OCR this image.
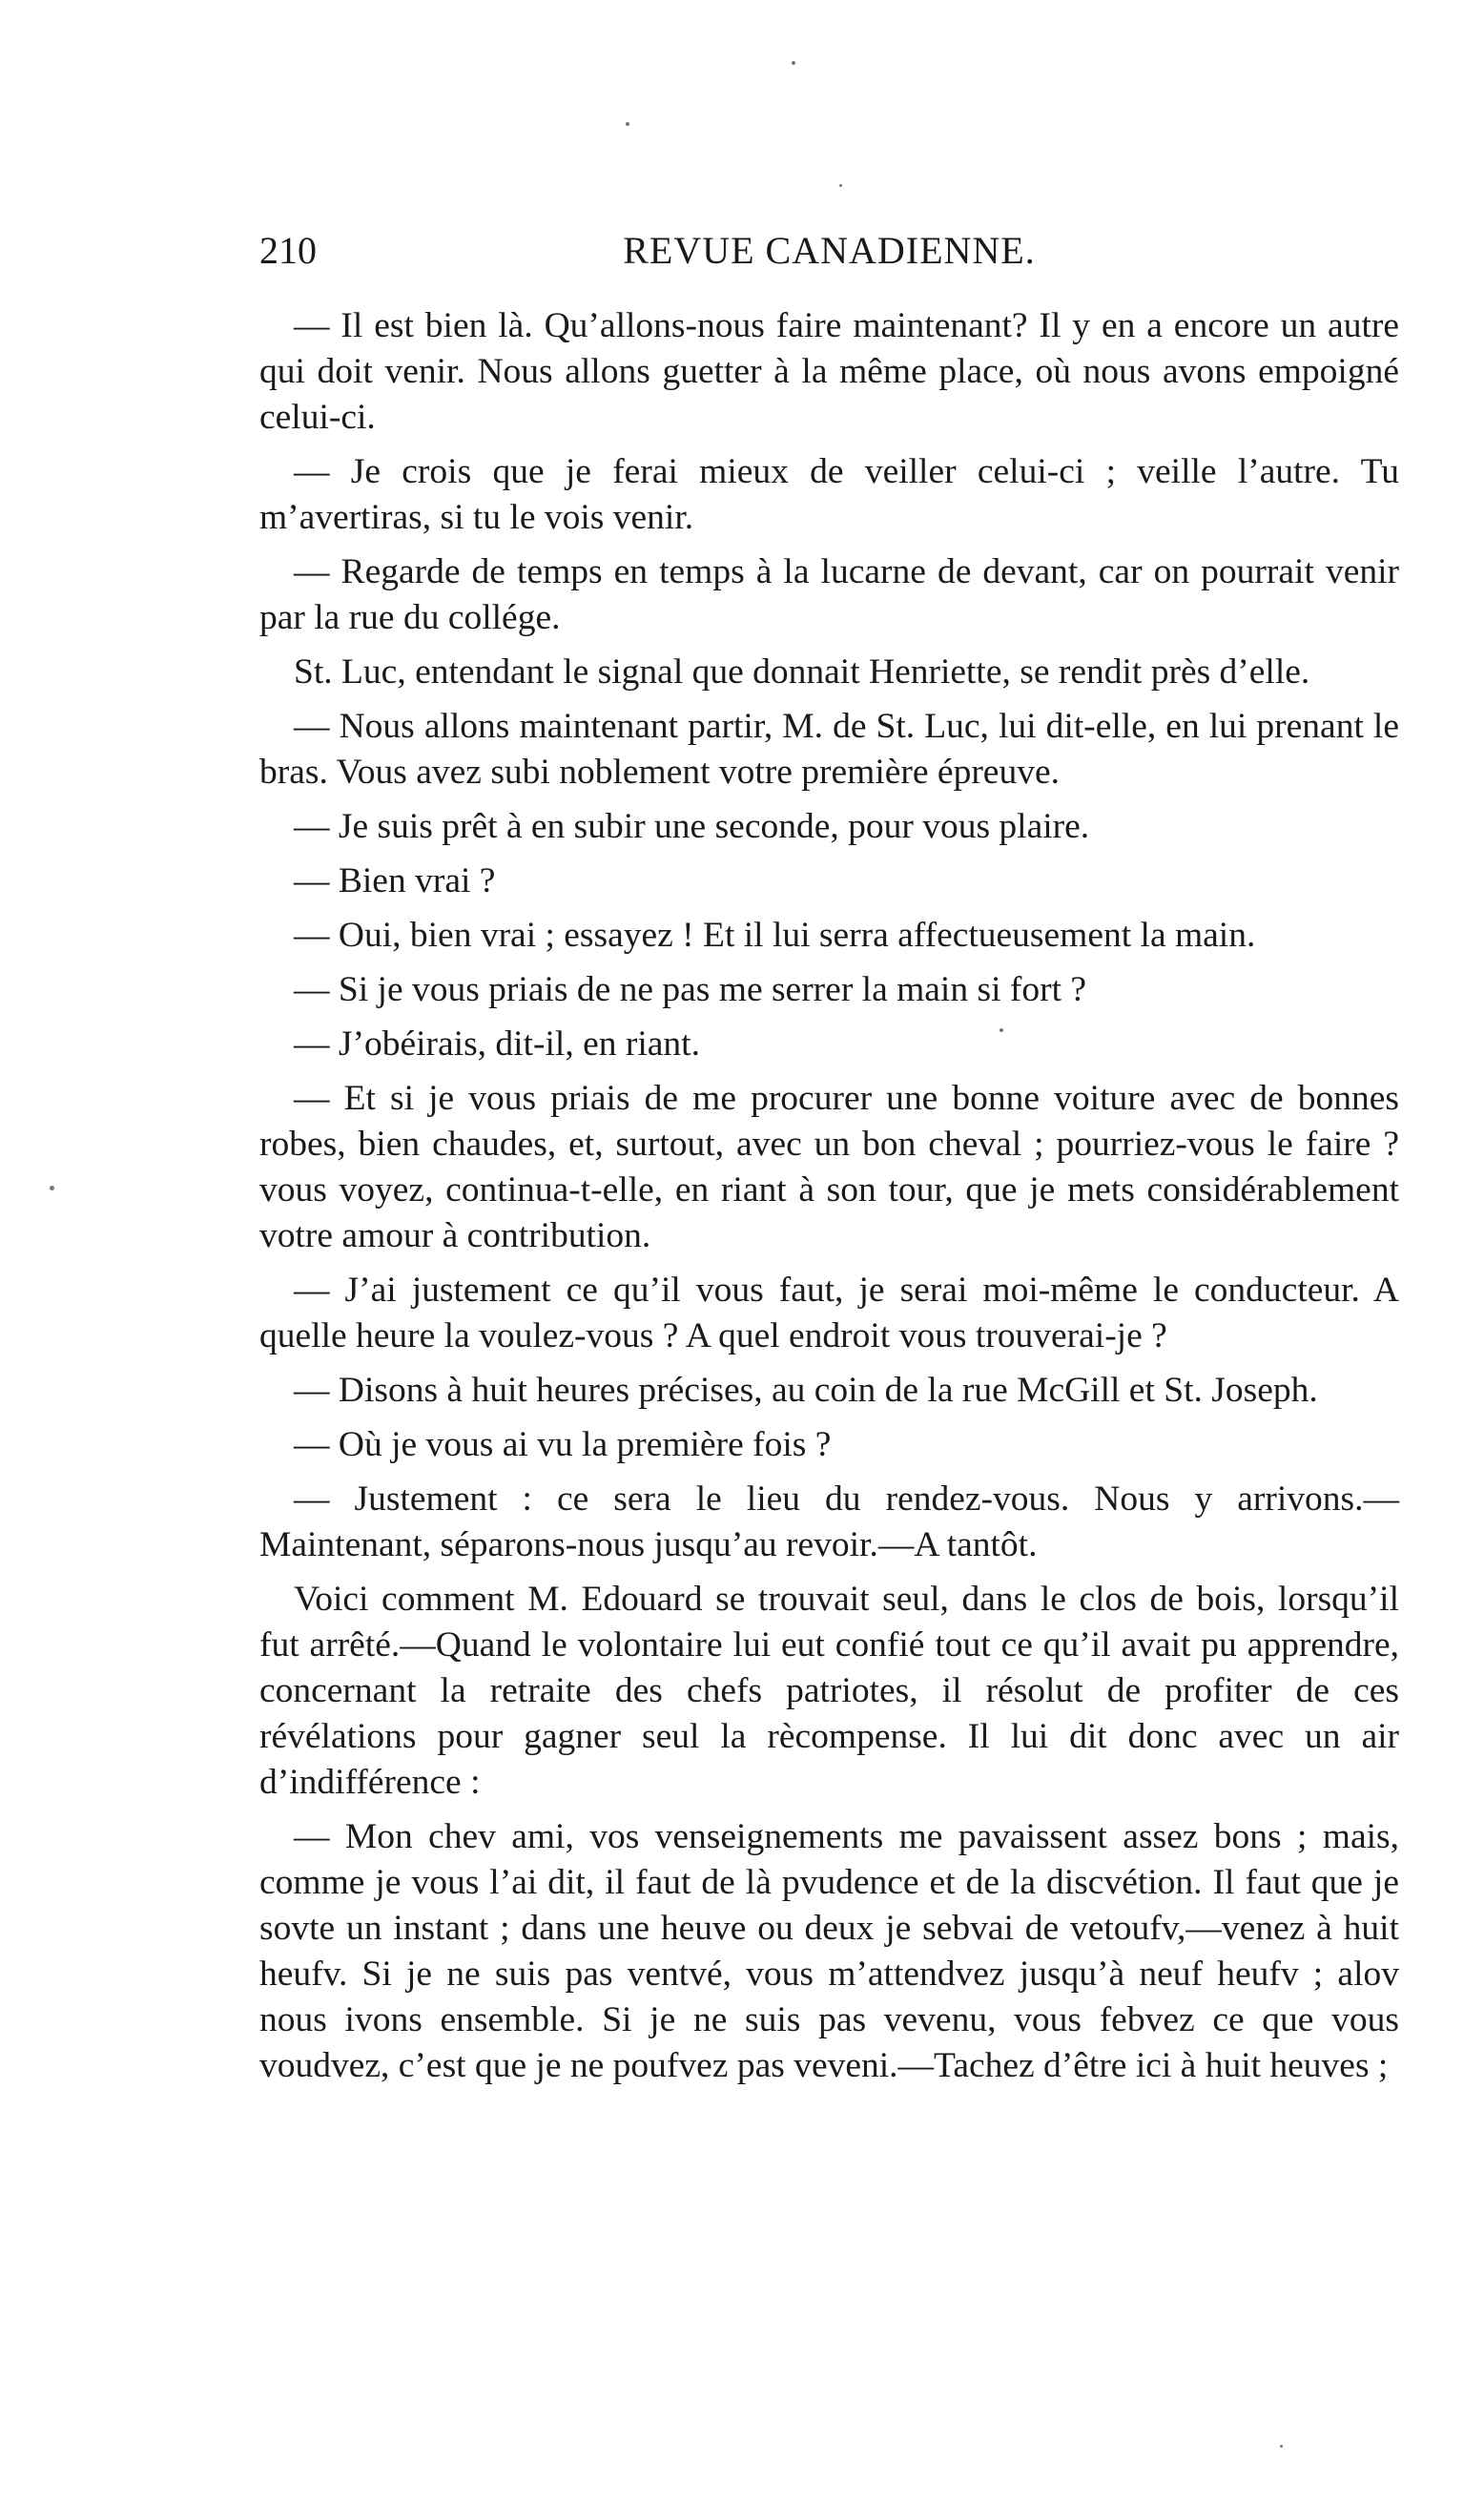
210	REVUE CANADIENNE.

— Il est bien là. Qu’allons-nous faire maintenant? Il y en a encore un autre qui doit venir. Nous allons guetter à la même place, où nous avons empoigné celui-ci.

— Je crois que je ferai mieux de veiller celui-ci ; veille l’autre. Tu m’avertiras, si tu le vois venir.

— Regarde de temps en temps à la lucarne de devant, car on pourrait venir par la rue du collége.

St. Luc, entendant le signal que donnait Henriette, se rendit près d’elle.

— Nous allons maintenant partir, M. de St. Luc, lui dit-elle, en lui prenant le bras. Vous avez subi noblement votre première épreuve.

— Je suis prêt à en subir une seconde, pour vous plaire.

— Bien vrai ?

— Oui, bien vrai ; essayez ! Et il lui serra affectueusement la main.

— Si je vous priais de ne pas me serrer la main si fort ?

— J’obéirais, dit-il, en riant.

— Et si je vous priais de me procurer une bonne voiture avec de bonnes robes, bien chaudes, et, surtout, avec un bon cheval ; pourriez-vous le faire ? vous voyez, continua-t-elle, en riant à son tour, que je mets considérablement votre amour à contribution.

— J’ai justement ce qu’il vous faut, je serai moi-même le conducteur. A quelle heure la voulez-vous ? A quel endroit vous trouverai-je ?

— Disons à huit heures précises, au coin de la rue McGill et St. Joseph.

— Où je vous ai vu la première fois ?

— Justement : ce sera le lieu du rendez-vous. Nous y arrivons.— Maintenant, séparons-nous jusqu’au revoir.—A tantôt.

Voici comment M. Edouard se trouvait seul, dans le clos de bois, lorsqu’il fut arrêté.—Quand le volontaire lui eut confié tout ce qu’il avait pu apprendre, concernant la retraite des chefs patriotes, il résolut de profiter de ces révélations pour gagner seul la rècompense. Il lui dit donc avec un air d’indifférence :

— Mon chev ami, vos venseignements me pavaissent assez bons ; mais, comme je vous l’ai dit, il faut de là pvudence et de la discvétion. Il faut que je sovte un instant ; dans une heuve ou deux je sebvai de vetoufv,—venez à huit heufv. Si je ne suis pas ventvé, vous m’attendvez jusqu’à neuf heufv ; alov nous ivons ensemble. Si je ne suis pas vevenu, vous febvez ce que vous voudvez, c’est que je ne poufvez pas veveni.—Tachez d’être ici à huit heuves ;
